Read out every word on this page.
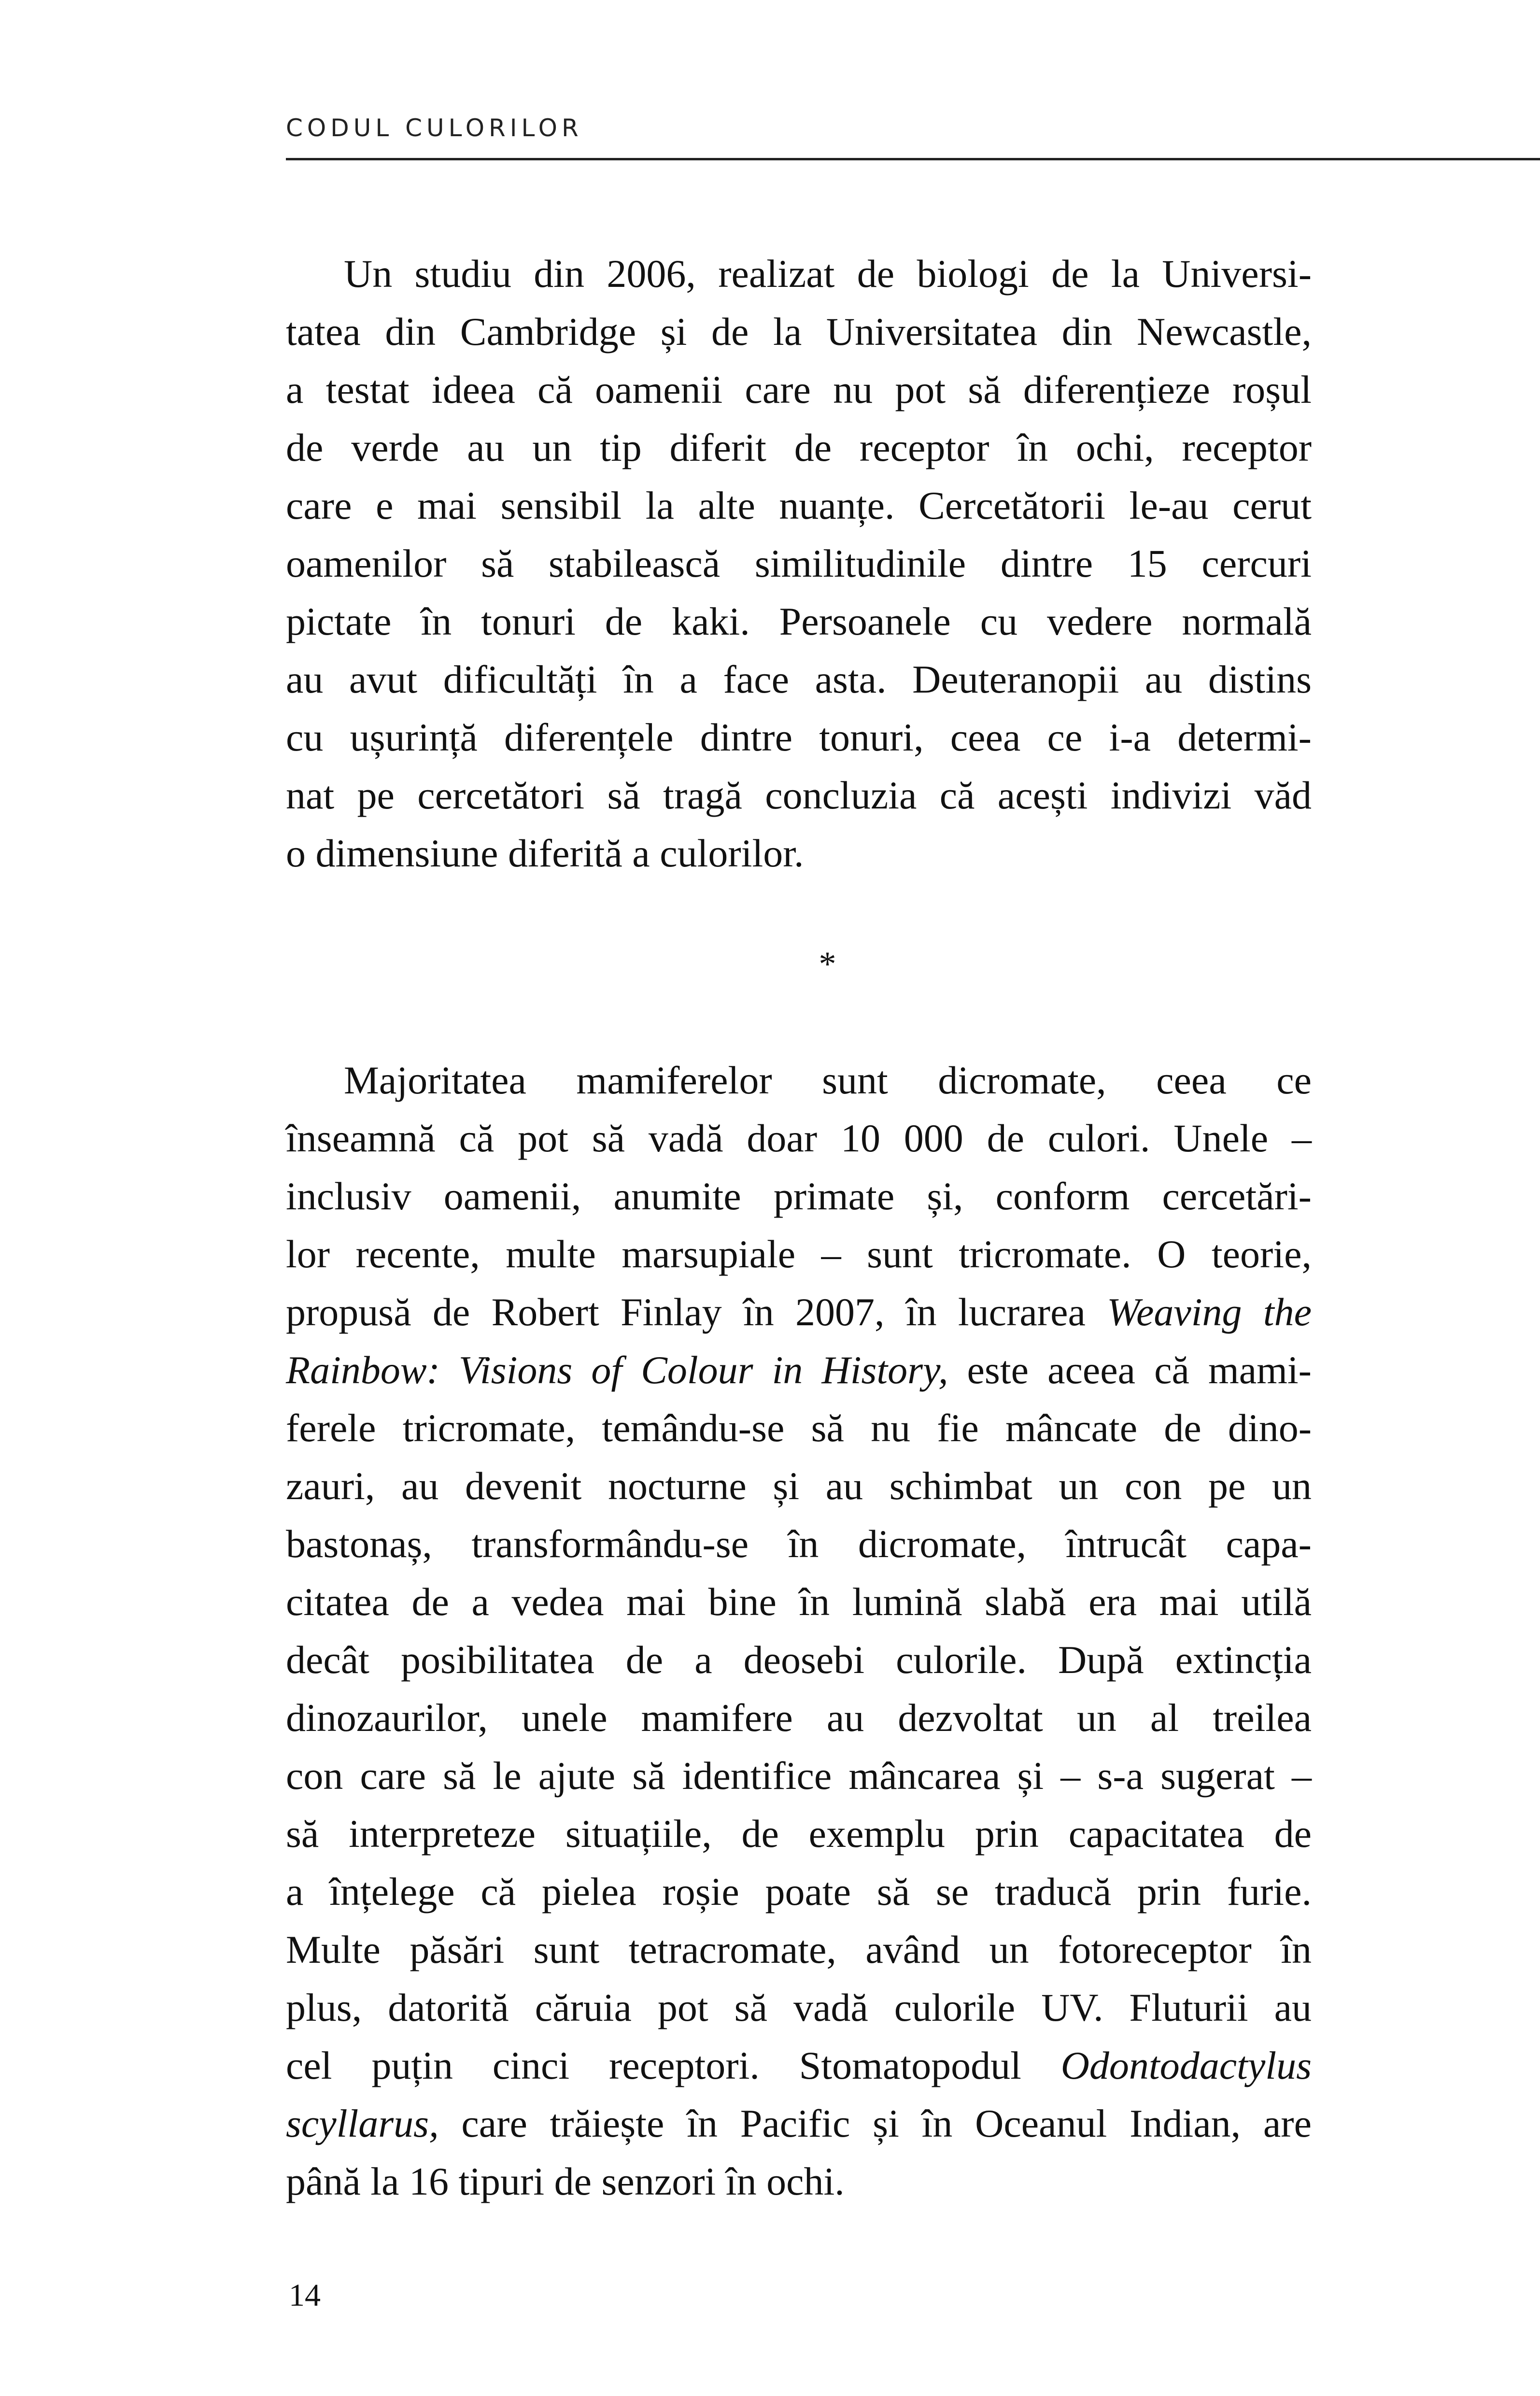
CODUL CULORILOR
Un studiu din 2006, realizat de biologi de la Universi-
tatea din Cambridge și de la Universitatea din Newcastle,
a testat ideea că oamenii care nu pot să diferențieze roșul
de verde au un tip diferit de receptor în ochi, receptor
care e mai sensibil la alte nuanțe. Cercetătorii le-au cerut
oamenilor să stabilească similitudinile dintre 15 cercuri
pictate în tonuri de kaki. Persoanele cu vedere normală
au avut dificultăți în a face asta. Deuteranopii au distins
cu ușurință diferențele dintre tonuri, ceea ce i-a determi-
nat pe cercetători să tragă concluzia că acești indivizi văd
o dimensiune diferită a culorilor.
*
Majoritatea mamiferelor sunt dicromate, ceea ce
înseamnă că pot să vadă doar 10 000 de culori. Unele –
inclusiv oamenii, anumite primate și, conform cercetări-
lor recente, multe marsupiale – sunt tricromate. O teorie,
propusă de Robert Finlay în 2007, în lucrarea Weaving the
Rainbow: Visions of Colour in History, este aceea că mami-
ferele tricromate, temându-se să nu fie mâncate de dino-
zauri, au devenit nocturne și au schimbat un con pe un
bastonaș, transformându-se în dicromate, întrucât capa-
citatea de a vedea mai bine în lumină slabă era mai utilă
decât posibilitatea de a deosebi culorile. După extincția
dinozaurilor, unele mamifere au dezvoltat un al treilea
con care să le ajute să identifice mâncarea și – s-a sugerat –
să interpreteze situațiile, de exemplu prin capacitatea de
a înțelege că pielea roșie poate să se traducă prin furie.
Multe păsări sunt tetracromate, având un fotoreceptor în
plus, datorită căruia pot să vadă culorile UV. Fluturii au
cel puțin cinci receptori. Stomatopodul Odontodactylus
scyllarus, care trăiește în Pacific și în Oceanul Indian, are
până la 16 tipuri de senzori în ochi.
14
